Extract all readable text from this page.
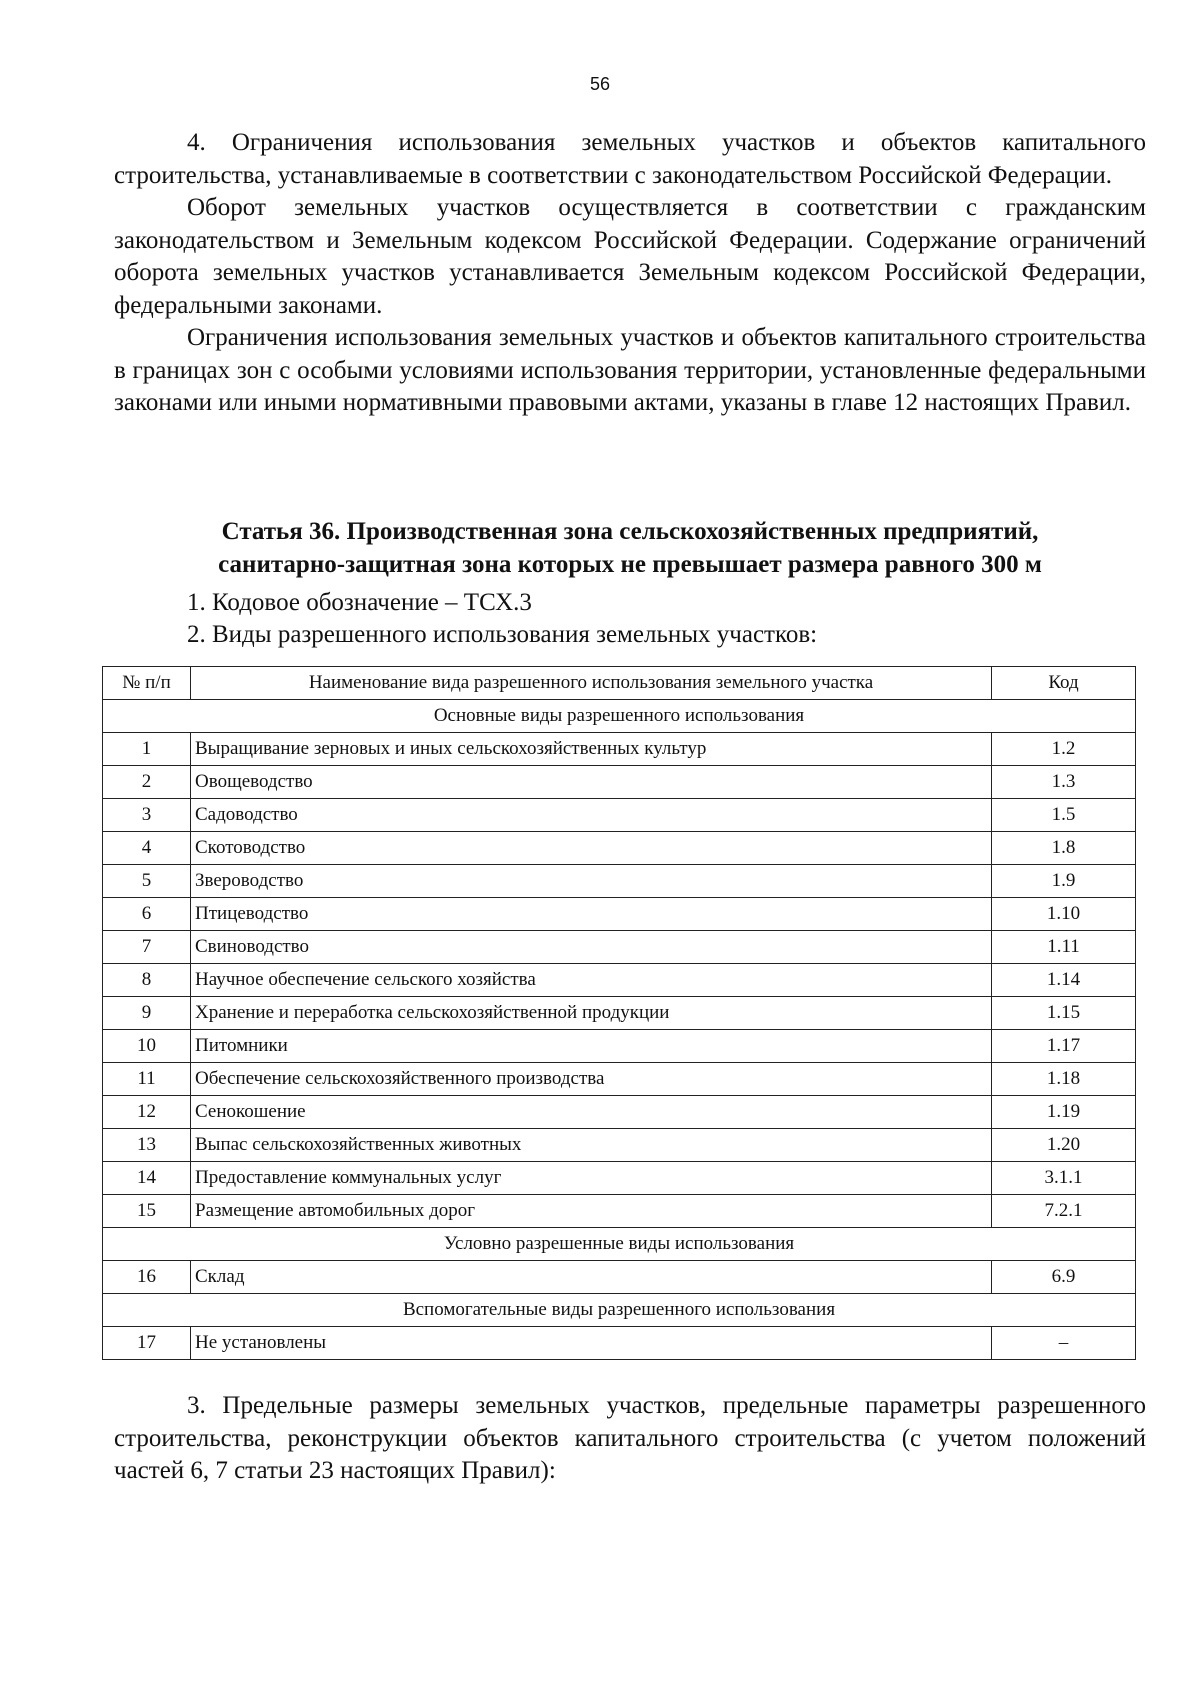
56

4. Ограничения использования земельных участков и объектов капитального строительства, устанавливаемые в соответствии с законодательством Российской Федерации.

Оборот земельных участков осуществляется в соответствии с гражданским законодательством и Земельным кодексом Российской Федерации. Содержание ограничений оборота земельных участков устанавливается Земельным кодексом Российской Федерации, федеральными законами.

Ограничения использования земельных участков и объектов капитального строительства в границах зон с особыми условиями использования территории, установленные федеральными законами или иными нормативными правовыми актами, указаны в главе 12 настоящих Правил.

Статья 36. Производственная зона сельскохозяйственных предприятий,
санитарно-защитная зона которых не превышает размера равного 300 м
1. Кодовое обозначение – ТСХ.3
2. Виды разрешенного использования земельных участков:
№ п/п	Наименование вида разрешенного использования земельного участка	Код
Основные виды разрешенного использования		
1	Выращивание зерновых и иных сельскохозяйственных культур	1.2
2	Овощеводство	1.3
3	Садоводство	1.5
4	Скотоводство	1.8
5	Звероводство	1.9
6	Птицеводство	1.10
7	Свиноводство	1.11
8	Научное обеспечение сельского хозяйства	1.14
9	Хранение и переработка сельскохозяйственной продукции	1.15
10	Питомники	1.17
11	Обеспечение сельскохозяйственного производства	1.18
12	Сенокошение	1.19
13	Выпас сельскохозяйственных животных	1.20
14	Предоставление коммунальных услуг	3.1.1
15	Размещение автомобильных дорог	7.2.1
Условно разрешенные виды использования		
16	Склад	6.9
Вспомогательные виды разрешенного использования		
17	Не установлены	–

3. Предельные размеры земельных участков, предельные параметры разрешенного строительства, реконструкции объектов капитального строительства (с учетом положений частей 6, 7 статьи 23 настоящих Правил):
